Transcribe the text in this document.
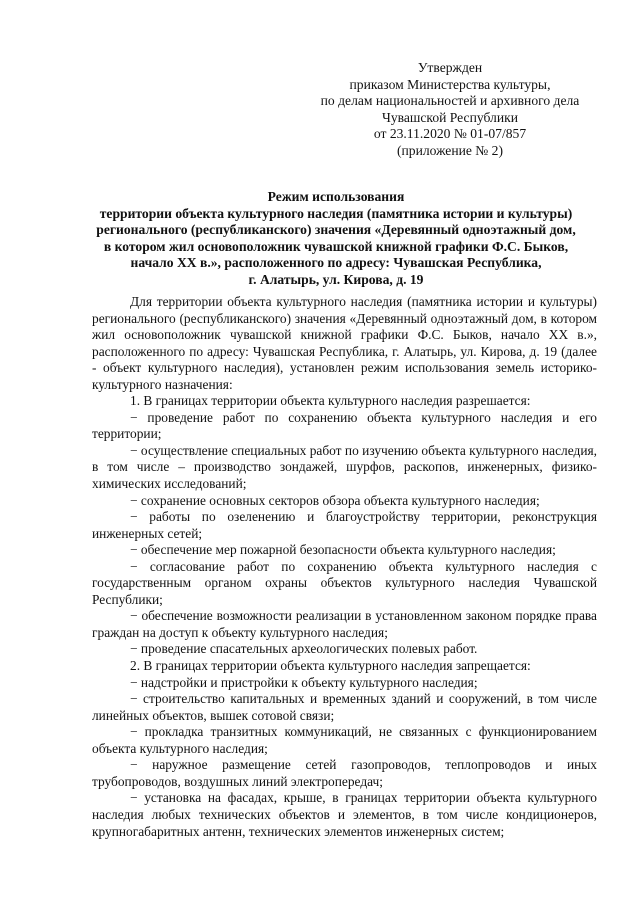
Утвержден
приказом Министерства культуры,
по делам национальностей и архивного дела
Чувашской Республики
от 23.11.2020 № 01-07/857
(приложение № 2)
Режим использования
территории объекта культурного наследия (памятника истории и культуры)
регионального (республиканского) значения «Деревянный одноэтажный дом,
в котором жил основоположник чувашской книжной графики Ф.С. Быков,
начало XX в.», расположенного по адресу: Чувашская Республика,
г. Алатырь, ул. Кирова, д. 19

Для территории объекта культурного наследия (памятника истории и культуры) регионального (республиканского) значения «Деревянный одноэтажный дом, в котором жил основоположник чувашской книжной графики Ф.С. Быков, начало XX в.», расположенного по адресу: Чувашская Республика, г. Алатырь, ул. Кирова, д. 19 (далее - объект культурного наследия), установлен режим использования земель историко-культурного назначения:

1. В границах территории объекта культурного наследия разрешается:

− проведение работ по сохранению объекта культурного наследия и его территории;

− осуществление специальных работ по изучению объекта культурного наследия, в том числе – производство зондажей, шурфов, раскопов, инженерных, физико-химических исследований;

− сохранение основных секторов обзора объекта культурного наследия;

− работы по озеленению и благоустройству территории, реконструкция инженерных сетей;

− обеспечение мер пожарной безопасности объекта культурного наследия;

− согласование работ по сохранению объекта культурного наследия с государственным органом охраны объектов культурного наследия Чувашской Республики;

− обеспечение возможности реализации в установленном законом порядке права граждан на доступ к объекту культурного наследия;

− проведение спасательных археологических полевых работ.

2. В границах территории объекта культурного наследия запрещается:

− надстройки и пристройки к объекту культурного наследия;

− строительство капитальных и временных зданий и сооружений, в том числе линейных объектов, вышек сотовой связи;

− прокладка транзитных коммуникаций, не связанных с функционированием объекта культурного наследия;

− наружное размещение сетей газопроводов, теплопроводов и иных трубопроводов, воздушных линий электропередач;

− установка на фасадах, крыше, в границах территории объекта культурного наследия любых технических объектов и элементов, в том числе кондиционеров, крупногабаритных антенн, технических элементов инженерных систем;
